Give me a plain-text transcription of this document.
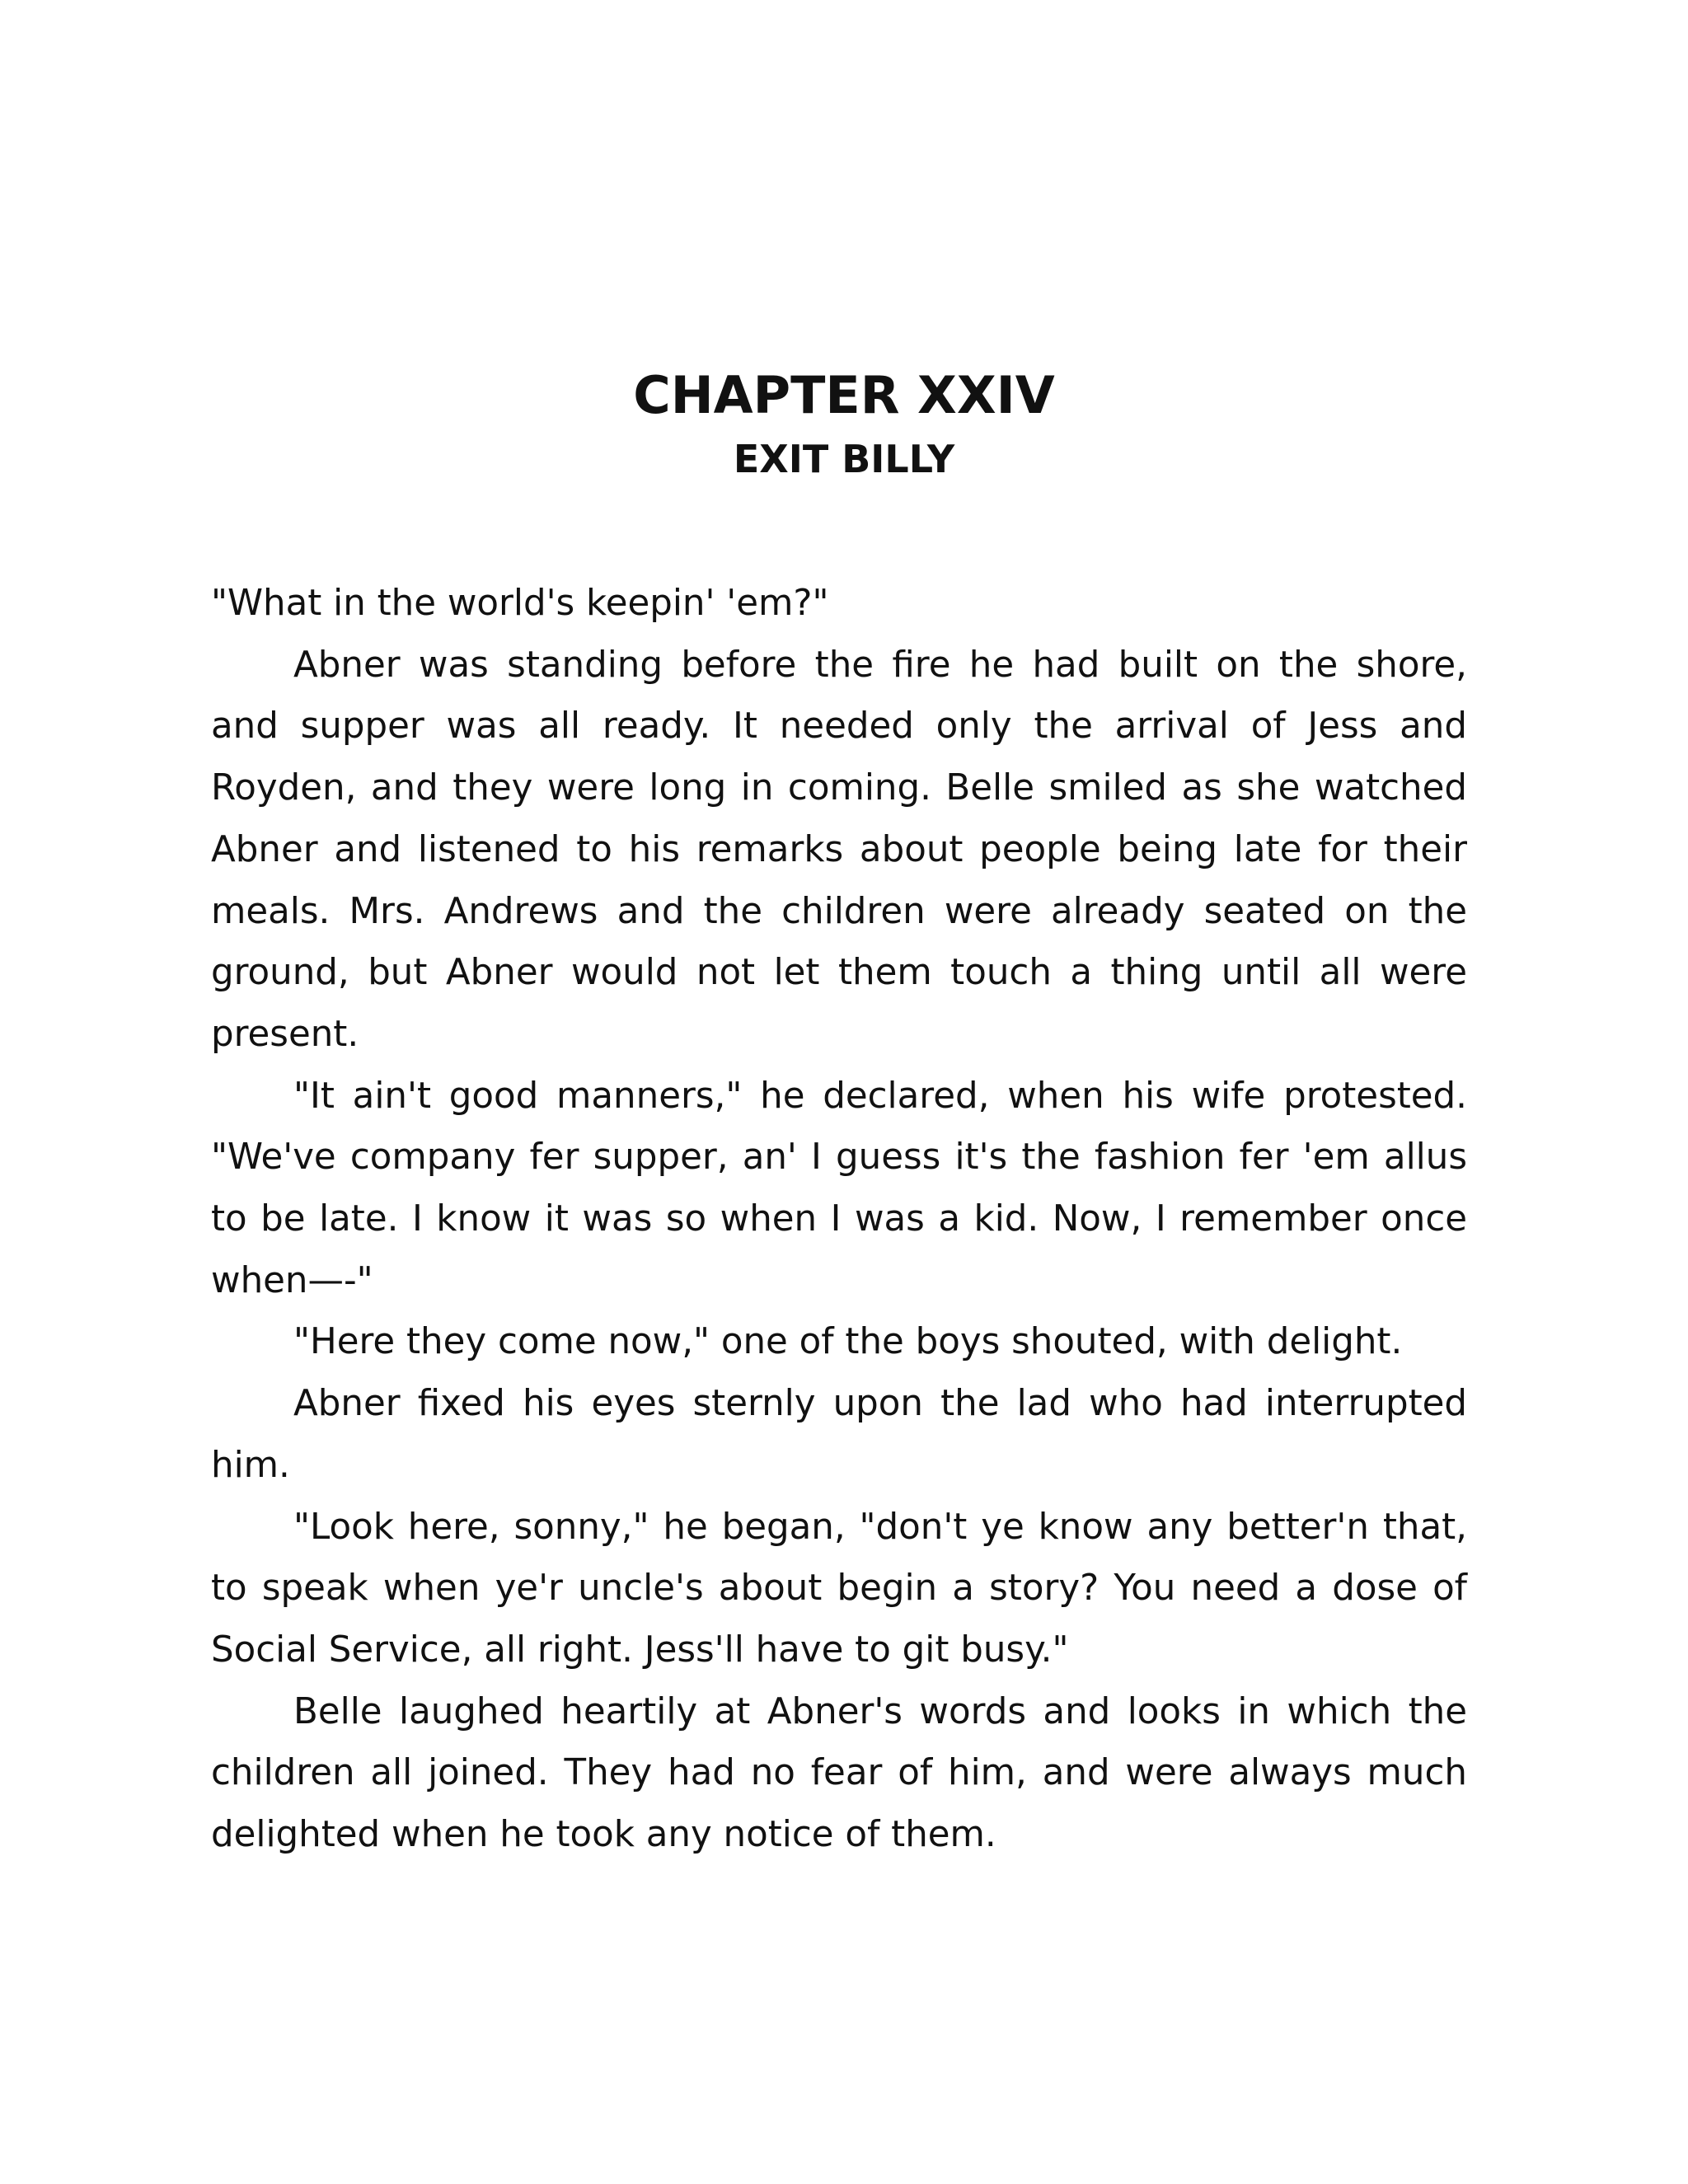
CHAPTER XXIV
EXIT BILLY

"What in the world's keepin' 'em?"

Abner was standing before the fire he had built on the shore, and supper was all ready. It needed only the arrival of Jess and Royden, and they were long in coming. Belle smiled as she watched Abner and listened to his remarks about people being late for their meals. Mrs. Andrews and the children were already seated on the ground, but Abner would not let them touch a thing until all were present.

"It ain't good manners," he declared, when his wife protested. "We've company fer supper, an' I guess it's the fashion fer 'em allus to be late. I know it was so when I was a kid. Now, I remember once when—-"

"Here they come now," one of the boys shouted, with delight.

Abner fixed his eyes sternly upon the lad who had interrupted him.

"Look here, sonny," he began, "don't ye know any better'n that, to speak when ye'r uncle's about begin a story? You need a dose of Social Service, all right. Jess'll have to git busy."

Belle laughed heartily at Abner's words and looks in which the children all joined. They had no fear of him, and were always much delighted when he took any notice of them.
